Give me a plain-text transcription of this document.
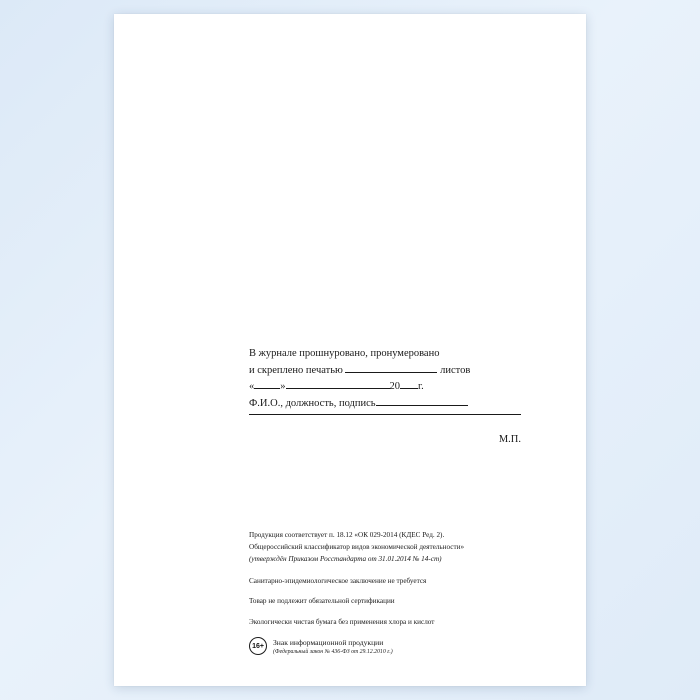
В журнале прошнуровано, пронумеровано
и скреплено печатью	листов
« »	20 г.
Ф.И.О., должность, подпись
М.П.
Продукция соответствует п. 18.12 «ОК 029-2014 (КДЕС Ред. 2).
Общероссийский классификатор видов экономической деятельности»
(утверждён Приказом Росстандарта от 31.01.2014 № 14-ст)
Санитарно-эпидемиологическое заключение не требуется
Товар не подлежит обязательной сертификации
Экологически чистая бумага без применения хлора и кислот
16+	Знак информационной продукции
(Федеральный закон № 436-ФЗ от 29.12.2010 г.)
